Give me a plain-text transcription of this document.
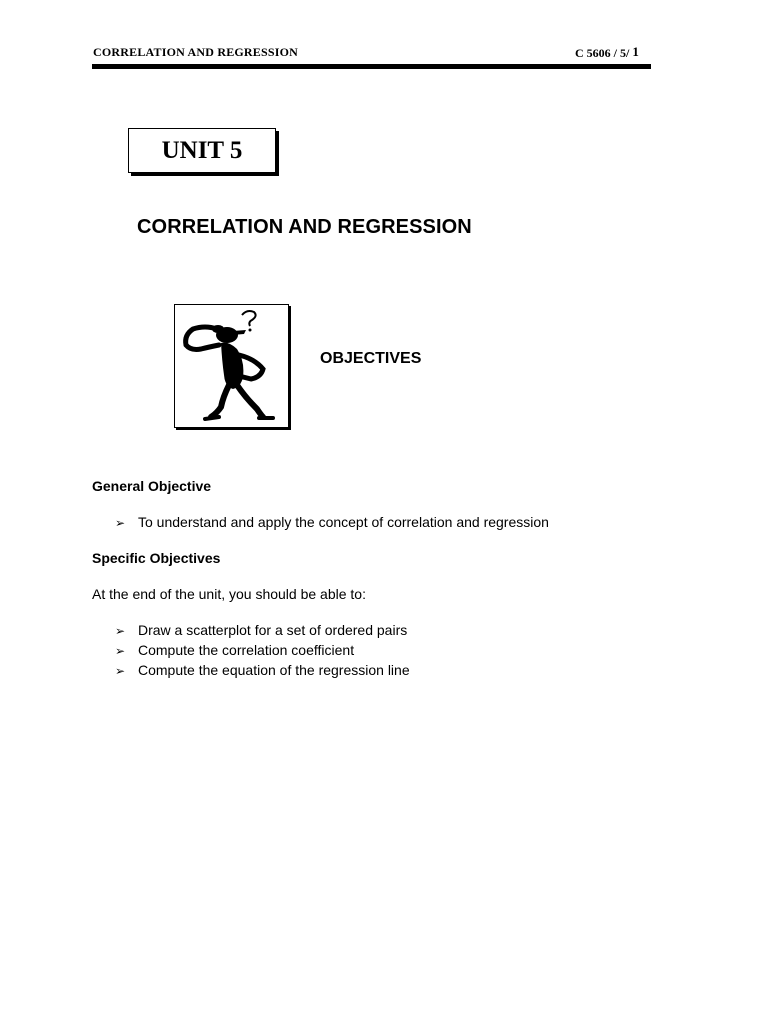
CORRELATION AND REGRESSION	C 5606 / 5/ 1
UNIT 5
CORRELATION AND REGRESSION
OBJECTIVES
General Objective
➢ To understand and apply the concept of correlation and regression
Specific Objectives
At the end of the unit, you should be able to:
➢ Draw a scatterplot for a set of ordered pairs
➢ Compute the correlation coefficient
➢ Compute the equation of the regression line
